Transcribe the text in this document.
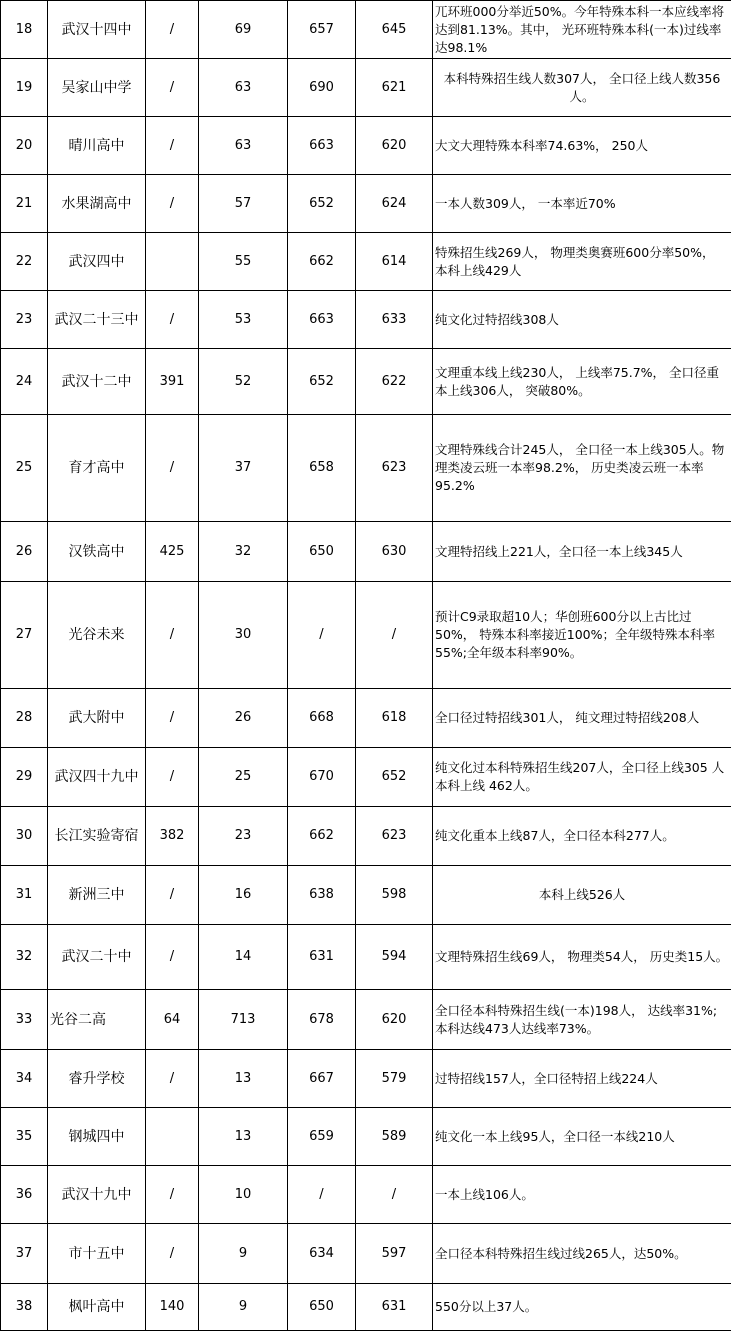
18	武汉十四中	/	69	657	645	兀环班000分举近50%。今年特殊本科一本应线率将达到81.13%。其中， 光环班特殊本科(一本)过线率达98.1%
19	吴家山中学	/	63	690	621	本科特殊招生线人数307人， 全口径上线人数356人。
20	晴川高中	/	63	663	620	大文大理特殊本科率74.63%， 250人
21	水果湖高中	/	57	652	624	一本人数309人， 一本率近70%
22	武汉四中		55	662	614	特殊招生线269人， 物理类奥赛班600分率50%， 本科上线429人
23	武汉二十三中	/	53	663	633	纯文化过特招线308人
24	武汉十二中	391	52	652	622	文理重本线上线230人， 上线率75.7%， 全口径重本上线306人， 突破80%。
25	育才高中	/	37	658	623	文理特殊线合计245人， 全口径一本上线305人。物理类凌云班一本率98.2%， 历史类凌云班一本率95.2%
26	汉铁高中	425	32	650	630	文理特招线上221人，全口径一本上线345人
27	光谷未来	/	30	/	/	预计C9录取超10人；华创班600分以上古比过50%， 特殊本科率接近100%；全年级特殊本科率55%;全年级本科率90%。
28	武大附中	/	26	668	618	全口径过特招线301人， 纯文理过特招线208人
29	武汉四十九中	/	25	670	652	纯文化过本科特殊招生线207人，全口径上线305 人本科上线 462人。
30	长江实验寄宿	382	23	662	623	纯文化重本上线87人，全口径本科277人。
31	新洲三中	/	16	638	598	本科上线526人
32	武汉二十中	/	14	631	594	文理特殊招生线69人， 物理类54人， 历史类15人。
33	光谷二高	64	713	678	620	全口径本科特殊招生线(一本)198人， 达线率31%;本科达线473人达线率73%。
34	睿升学校	/	13	667	579	过特招线157人，全口径特招上线224人
35	钢城四中		13	659	589	纯文化一本上线95人，全口径一本线210人
36	武汉十九中	/	10	/	/	一本上线106人。
37	市十五中	/	9	634	597	全口径本科特殊招生线过线265人，达50%。
38	枫叶高中	140	9	650	631	550分以上37人。
